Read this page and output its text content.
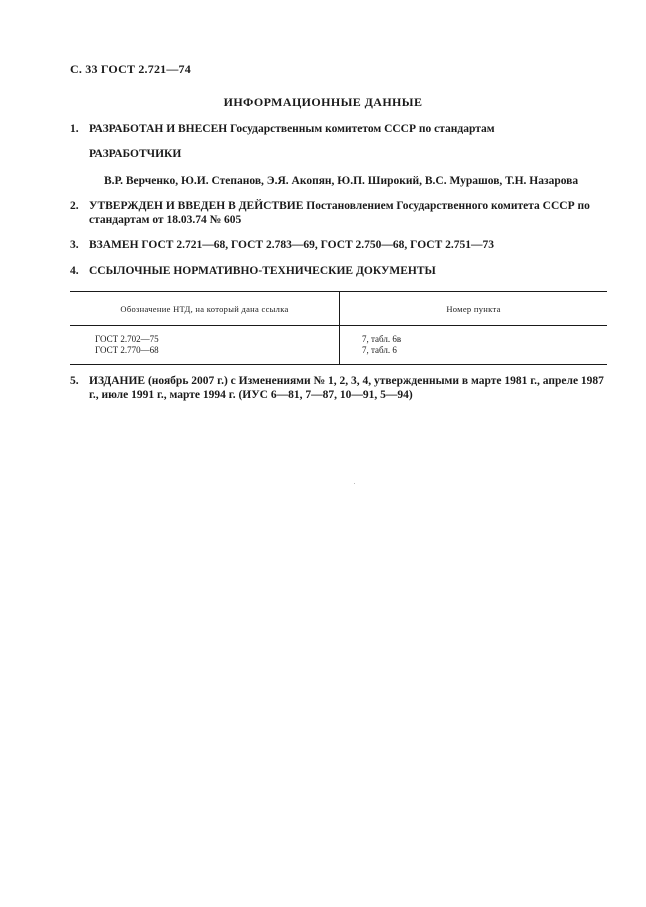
С. 33 ГОСТ 2.721—74
ИНФОРМАЦИОННЫЕ ДАННЫЕ
1. РАЗРАБОТАН И ВНЕСЕН Государственным комитетом СССР по стандартам
РАЗРАБОТЧИКИ
В.Р. Верченко, Ю.И. Степанов, Э.Я. Акопян, Ю.П. Широкий, В.С. Мурашов, Т.Н. Назарова
2. УТВЕРЖДЕН И ВВЕДЕН В ДЕЙСТВИЕ Постановлением Государственного комитета СССР по стандартам от 18.03.74 № 605
3. ВЗАМЕН ГОСТ 2.721—68, ГОСТ 2.783—69, ГОСТ 2.750—68, ГОСТ 2.751—73
4. ССЫЛОЧНЫЕ НОРМАТИВНО-ТЕХНИЧЕСКИЕ ДОКУМЕНТЫ
Обозначение НТД, на который дана ссылка	Номер пункта
ГОСТ 2.702—75	7, табл. 6в
ГОСТ 2.770—68	7, табл. 6
5. ИЗДАНИЕ (ноябрь 2007 г.) с Изменениями № 1, 2, 3, 4, утвержденными в марте 1981 г., апреле 1987 г., июле 1991 г., марте 1994 г. (ИУС 6—81, 7—87, 10—91, 5—94)
